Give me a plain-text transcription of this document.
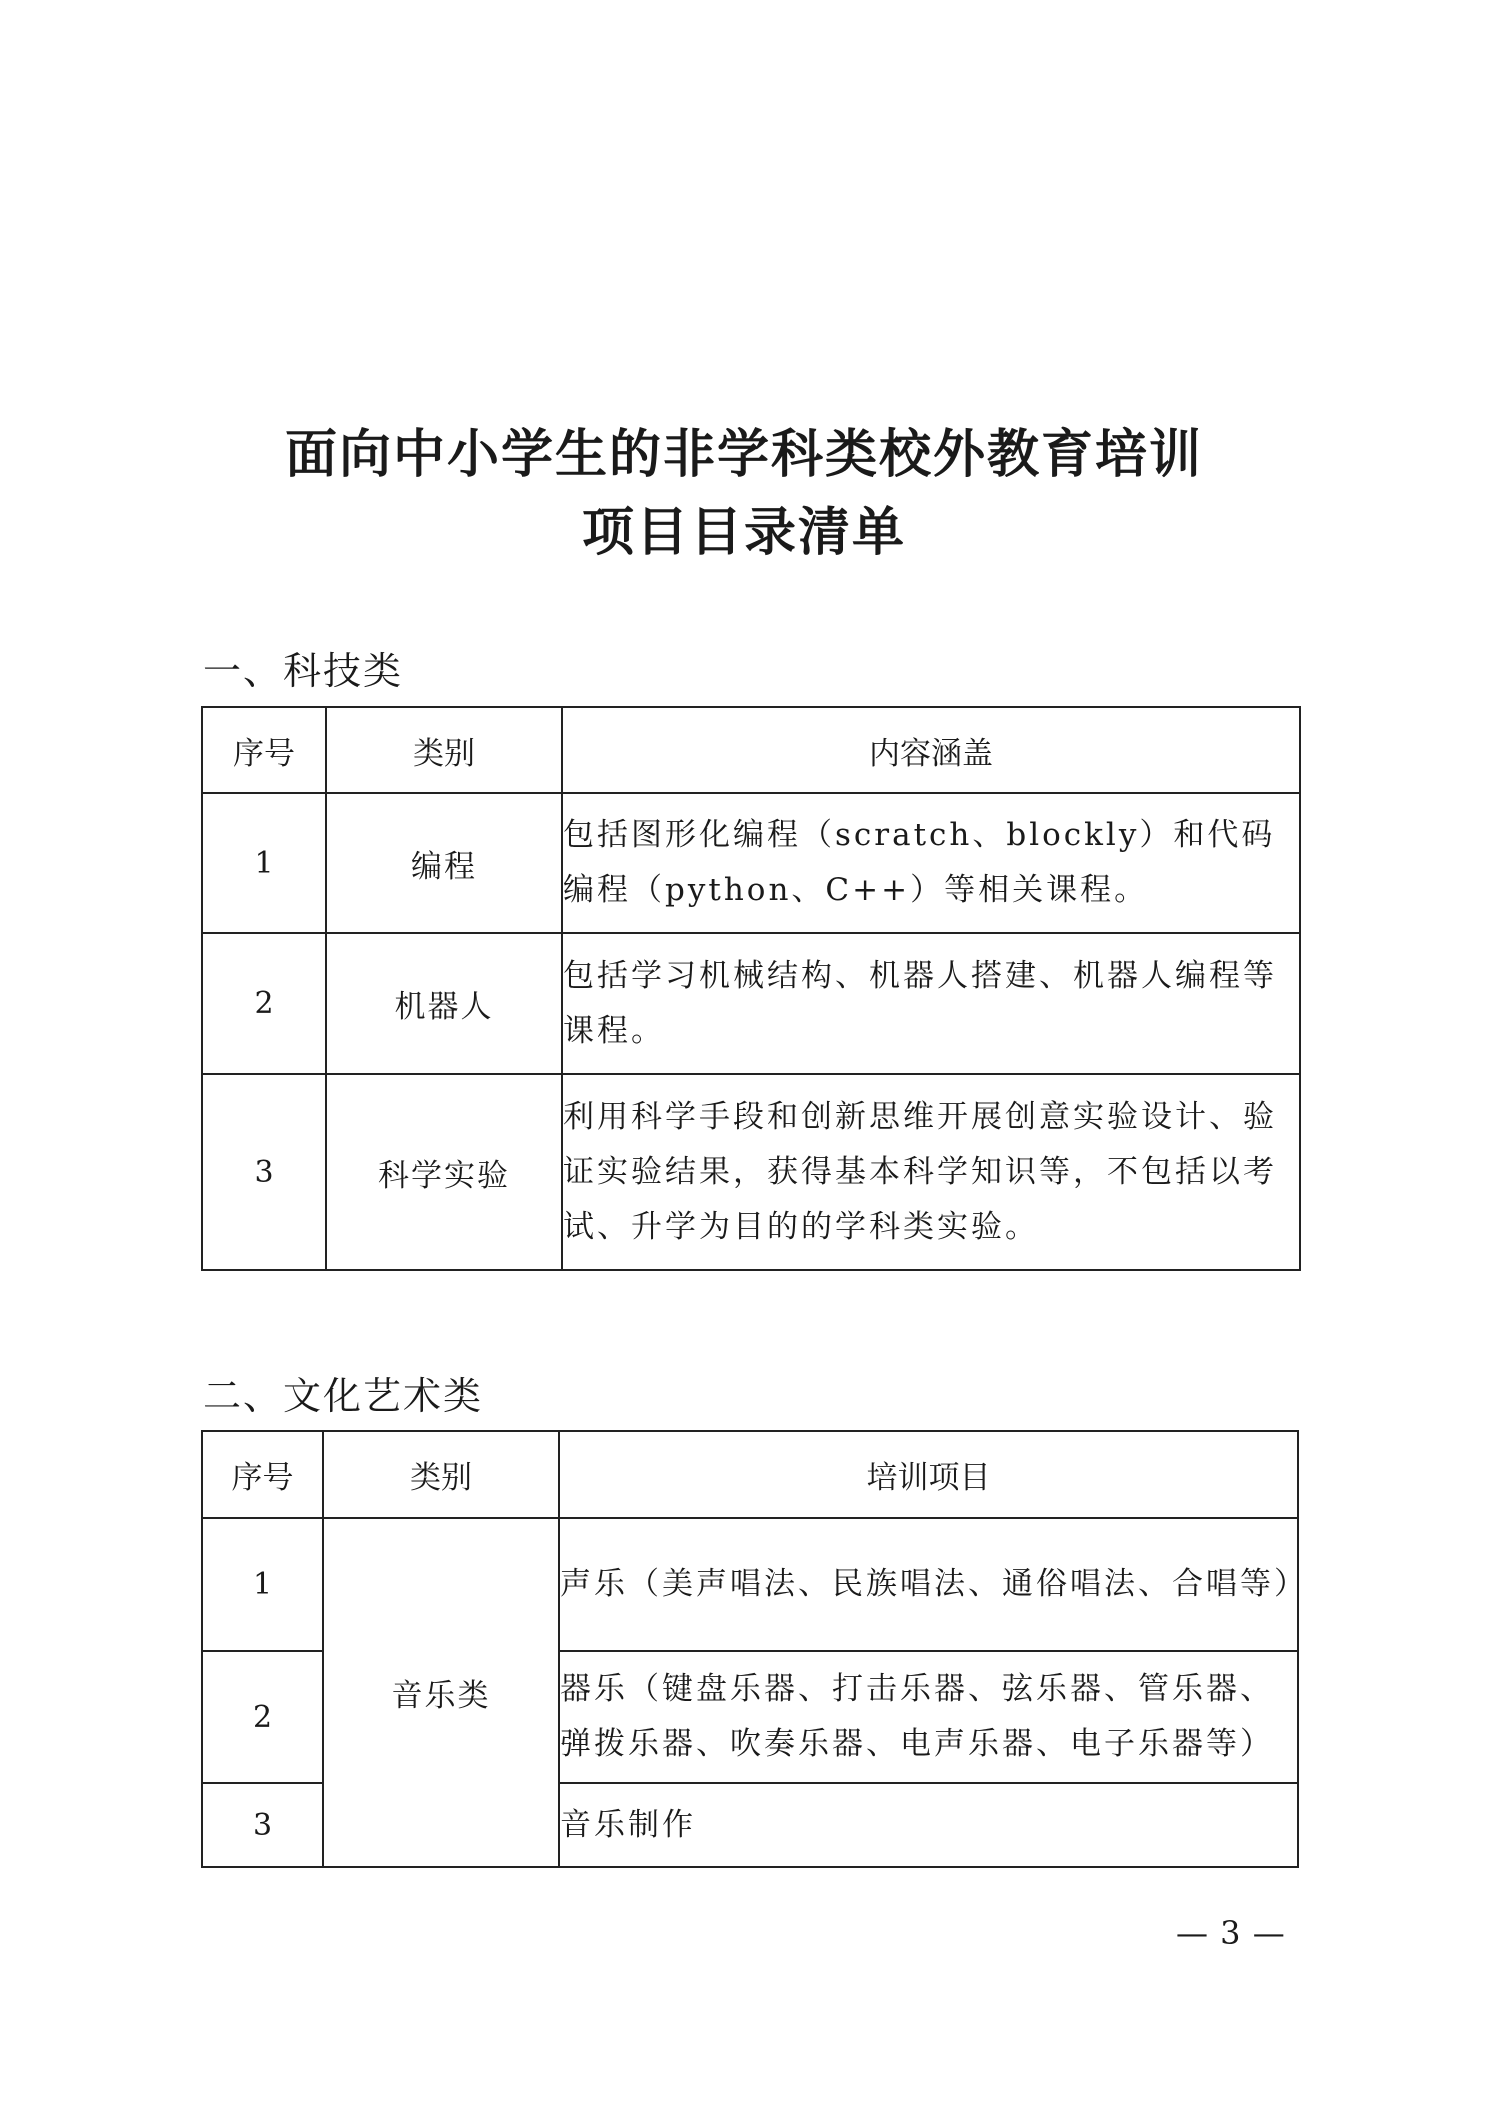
面向中小学生的非学科类校外教育培训
项目目录清单
一、科技类
序号	类别	内容涵盖
1	编程	包括图形化编程（scratch、blockly）和代码编程（python、C++）等相关课程。
2	机器人	包括学习机械结构、机器人搭建、机器人编程等课程。
3	科学实验	利用科学手段和创新思维开展创意实验设计、验证实验结果，获得基本科学知识等，不包括以考试、升学为目的的学科类实验。
二、文化艺术类
序号	类别	培训项目
1	音乐类	声乐（美声唱法、民族唱法、通俗唱法、合唱等）
2		器乐（键盘乐器、打击乐器、弦乐器、管乐器、弹拨乐器、吹奏乐器、电声乐器、电子乐器等）
3		音乐制作
— 3 —
